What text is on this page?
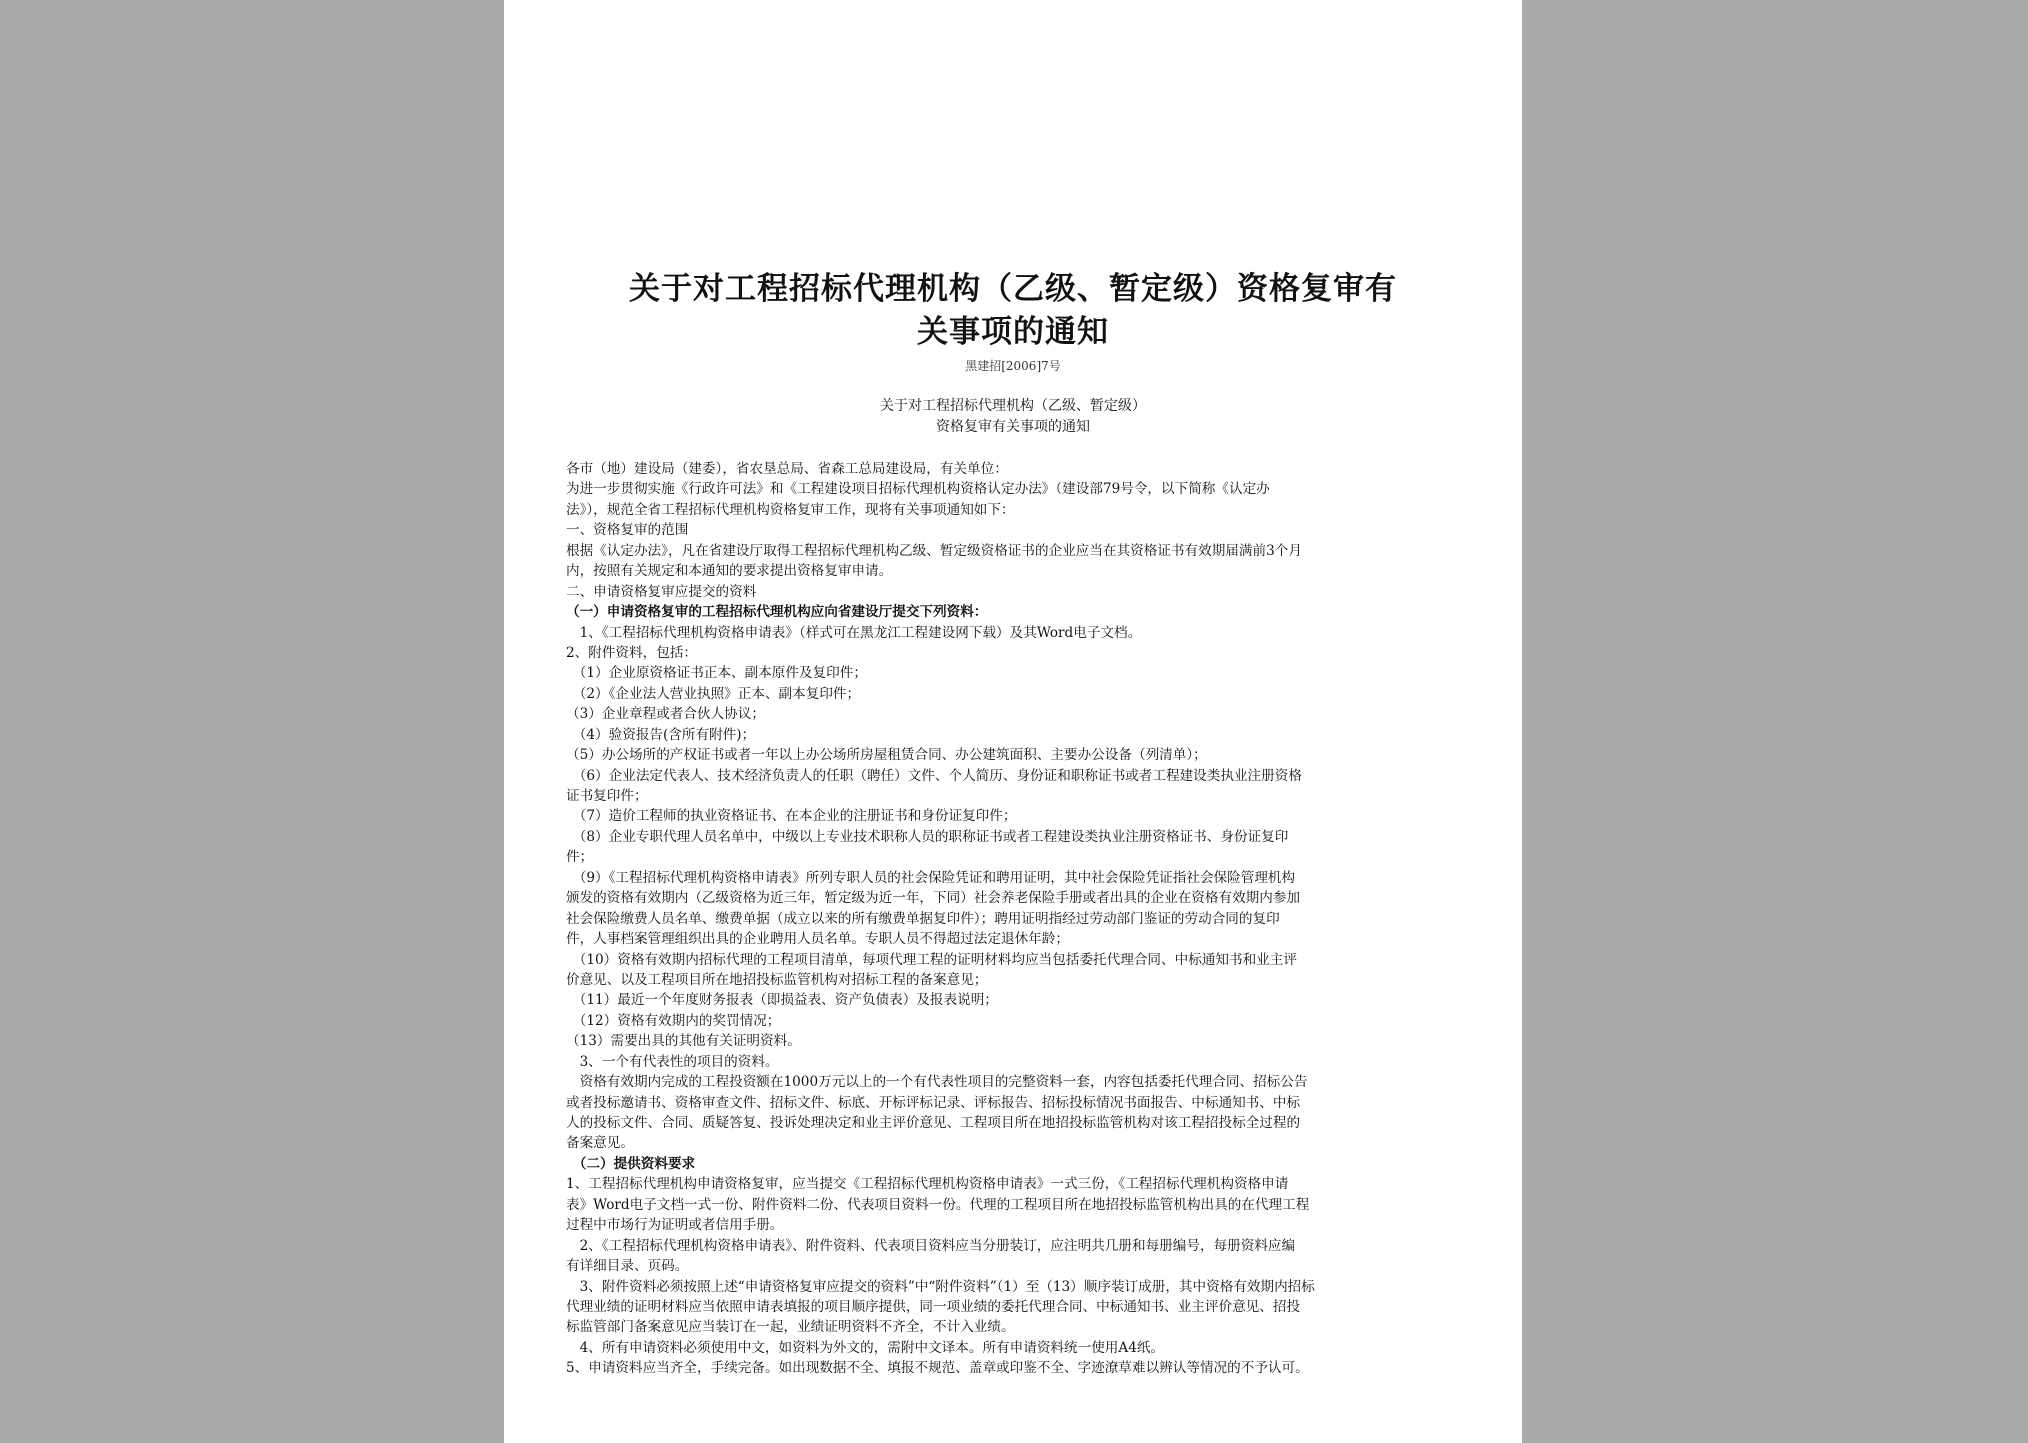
关于对工程招标代理机构（乙级、暂定级）资格复审有
关事项的通知
黑建招[2006]7号
关于对工程招标代理机构（乙级、暂定级）
资格复审有关事项的通知
各市（地）建设局（建委），省农垦总局、省森工总局建设局，有关单位：
为进一步贯彻实施《行政许可法》和《工程建设项目招标代理机构资格认定办法》（建设部79号令，以下简称《认定办
法》），规范全省工程招标代理机构资格复审工作，现将有关事项通知如下：
一、资格复审的范围
根据《认定办法》，凡在省建设厅取得工程招标代理机构乙级、暂定级资格证书的企业应当在其资格证书有效期届满前3个月
内，按照有关规定和本通知的要求提出资格复审申请。
二、申请资格复审应提交的资料
（一）申请资格复审的工程招标代理机构应向省建设厅提交下列资料：
　1、《工程招标代理机构资格申请表》（样式可在黑龙江工程建设网下载）及其Word电子文档。
2、附件资料，包括：
　（1）企业原资格证书正本、副本原件及复印件；
　（2）《企业法人营业执照》正本、副本复印件；
（3）企业章程或者合伙人协议；
　（4）验资报告(含所有附件)；
（5）办公场所的产权证书或者一年以上办公场所房屋租赁合同、办公建筑面积、主要办公设备（列清单）；
　（6）企业法定代表人、技术经济负责人的任职（聘任）文件、个人简历、身份证和职称证书或者工程建设类执业注册资格
证书复印件；
　（7）造价工程师的执业资格证书、在本企业的注册证书和身份证复印件；
　（8）企业专职代理人员名单中，中级以上专业技术职称人员的职称证书或者工程建设类执业注册资格证书、身份证复印
件；
　（9）《工程招标代理机构资格申请表》所列专职人员的社会保险凭证和聘用证明，其中社会保险凭证指社会保险管理机构
颁发的资格有效期内（乙级资格为近三年，暂定级为近一年，下同）社会养老保险手册或者出具的企业在资格有效期内参加
社会保险缴费人员名单、缴费单据（成立以来的所有缴费单据复印件）；聘用证明指经过劳动部门鉴证的劳动合同的复印
件，人事档案管理组织出具的企业聘用人员名单。专职人员不得超过法定退休年龄；
　（10）资格有效期内招标代理的工程项目清单，每项代理工程的证明材料均应当包括委托代理合同、中标通知书和业主评
价意见、以及工程项目所在地招投标监管机构对招标工程的备案意见；
　（11）最近一个年度财务报表（即损益表、资产负债表）及报表说明；
　（12）资格有效期内的奖罚情况；
（13）需要出具的其他有关证明资料。
　3、一个有代表性的项目的资料。
　资格有效期内完成的工程投资额在1000万元以上的一个有代表性项目的完整资料一套，内容包括委托代理合同、招标公告
或者投标邀请书、资格审查文件、招标文件、标底、开标评标记录、评标报告、招标投标情况书面报告、中标通知书、中标
人的投标文件、合同、质疑答复、投诉处理决定和业主评价意见、工程项目所在地招投标监管机构对该工程招投标全过程的
备案意见。
　（二）提供资料要求
1、工程招标代理机构申请资格复审，应当提交《工程招标代理机构资格申请表》一式三份，《工程招标代理机构资格申请
表》Word电子文档一式一份、附件资料二份、代表项目资料一份。代理的工程项目所在地招投标监管机构出具的在代理工程
过程中市场行为证明或者信用手册。
　2、《工程招标代理机构资格申请表》、附件资料、代表项目资料应当分册装订，应注明共几册和每册编号，每册资料应编
有详细目录、页码。
　3、附件资料必须按照上述“申请资格复审应提交的资料”中“附件资料”（1）至（13）顺序装订成册，其中资格有效期内招标
代理业绩的证明材料应当依照申请表填报的项目顺序提供，同一项业绩的委托代理合同、中标通知书、业主评价意见、招投
标监管部门备案意见应当装订在一起，业绩证明资料不齐全，不计入业绩。
　4、所有申请资料必须使用中文，如资料为外文的，需附中文译本。所有申请资料统一使用A4纸。
5、申请资料应当齐全，手续完备。如出现数据不全、填报不规范、盖章或印鉴不全、字迹潦草难以辨认等情况的不予认可。
